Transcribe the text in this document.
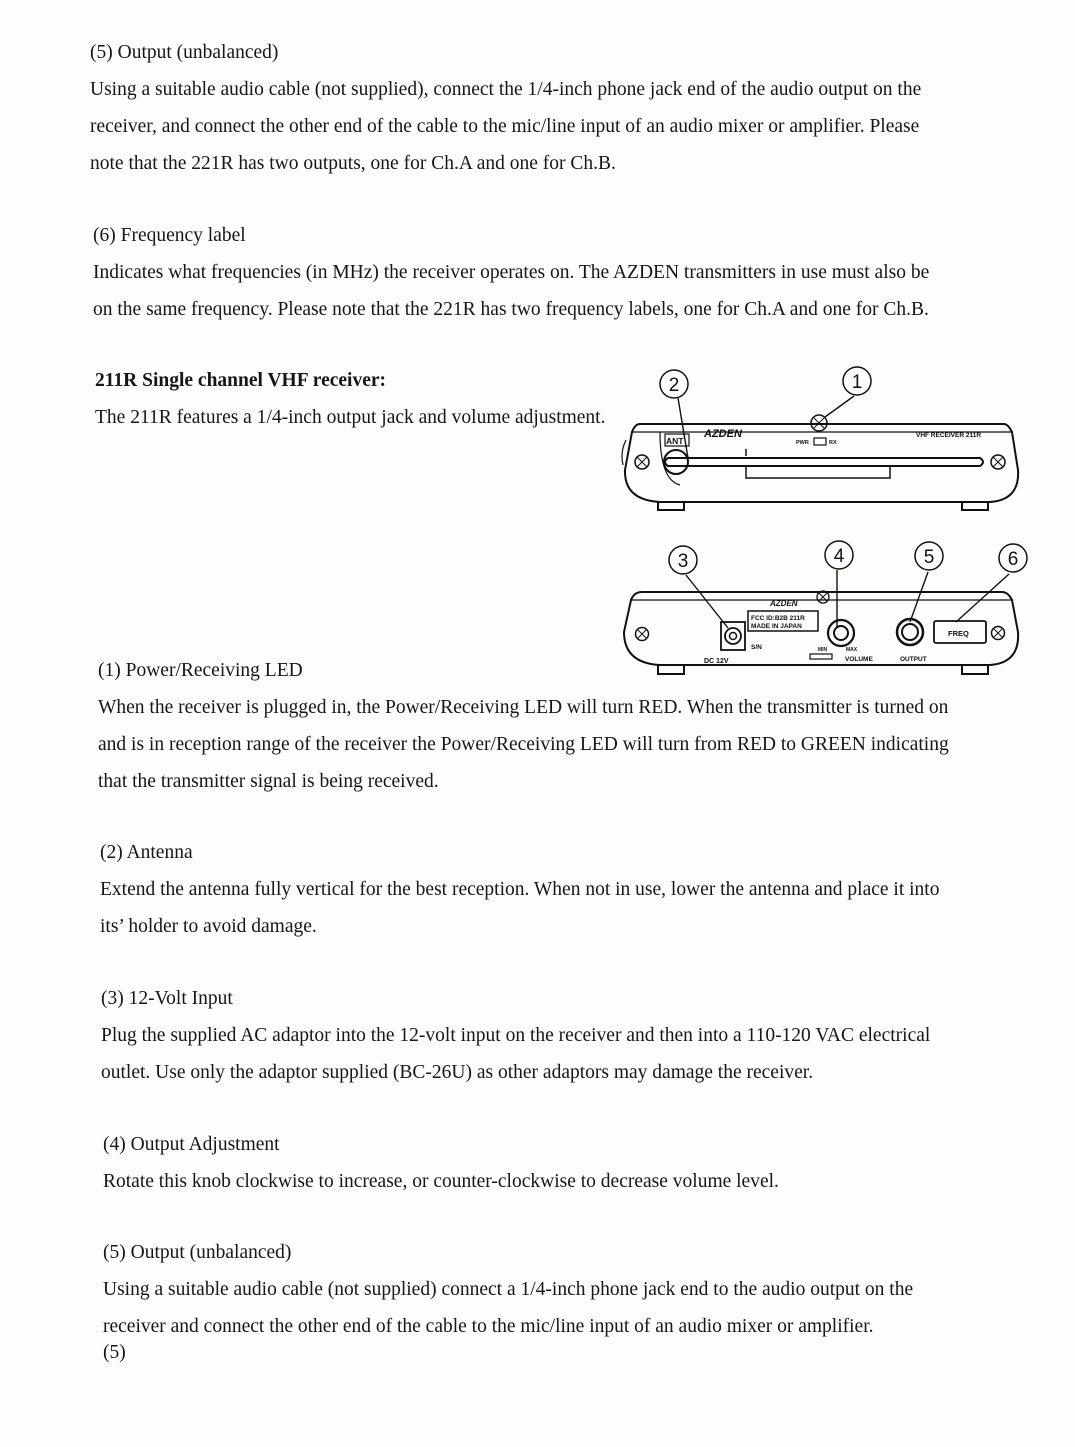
(5) Output (unbalanced)

Using a suitable audio cable (not supplied), connect the 1/4-inch phone jack end of the audio output on the

receiver, and connect the other end of the cable to the mic/line input of an audio mixer or amplifier. Please

note that the 221R has two outputs, one for Ch.A and one for Ch.B.

(6) Frequency label

Indicates what frequencies (in MHz) the receiver operates on. The AZDEN transmitters in use must also be

on the same frequency. Please note that the 221R has two frequency labels, one for Ch.A and one for Ch.B.

211R Single channel VHF receiver:

The 211R features a 1/4-inch output jack and volume adjustment.

(1) Power/Receiving LED

When the receiver is plugged in, the Power/Receiving LED will turn RED. When the transmitter is turned on

and is in reception range of the receiver the Power/Receiving LED will turn from RED to GREEN indicating

that the transmitter signal is being received.

(2) Antenna

Extend the antenna fully vertical for the best reception. When not in use, lower the antenna and place it into

its’ holder to avoid damage.

(3) 12-Volt Input

Plug the supplied AC adaptor into the 12-volt input on the receiver and then into a 110-120 VAC electrical

outlet. Use only the adaptor supplied (BC-26U) as other adaptors may damage the receiver.

(4) Output Adjustment

Rotate this knob clockwise to increase, or counter-clockwise to decrease volume level.

(5) Output (unbalanced)

Using a suitable audio cable (not supplied) connect a 1/4-inch phone jack end to the audio output on the

receiver and connect the other end of the cable to the mic/line input of an audio mixer or amplifier.

(5)
ANT
AZDEN
PWR	RX
VHF RECEIVER 211R
AZDEN
FCC ID:B2B 211R
MADE IN JAPAN
S/N
DC 12V
MIN	MAX
VOLUME	OUTPUT
FREQ
2	1
3	4	5	6
